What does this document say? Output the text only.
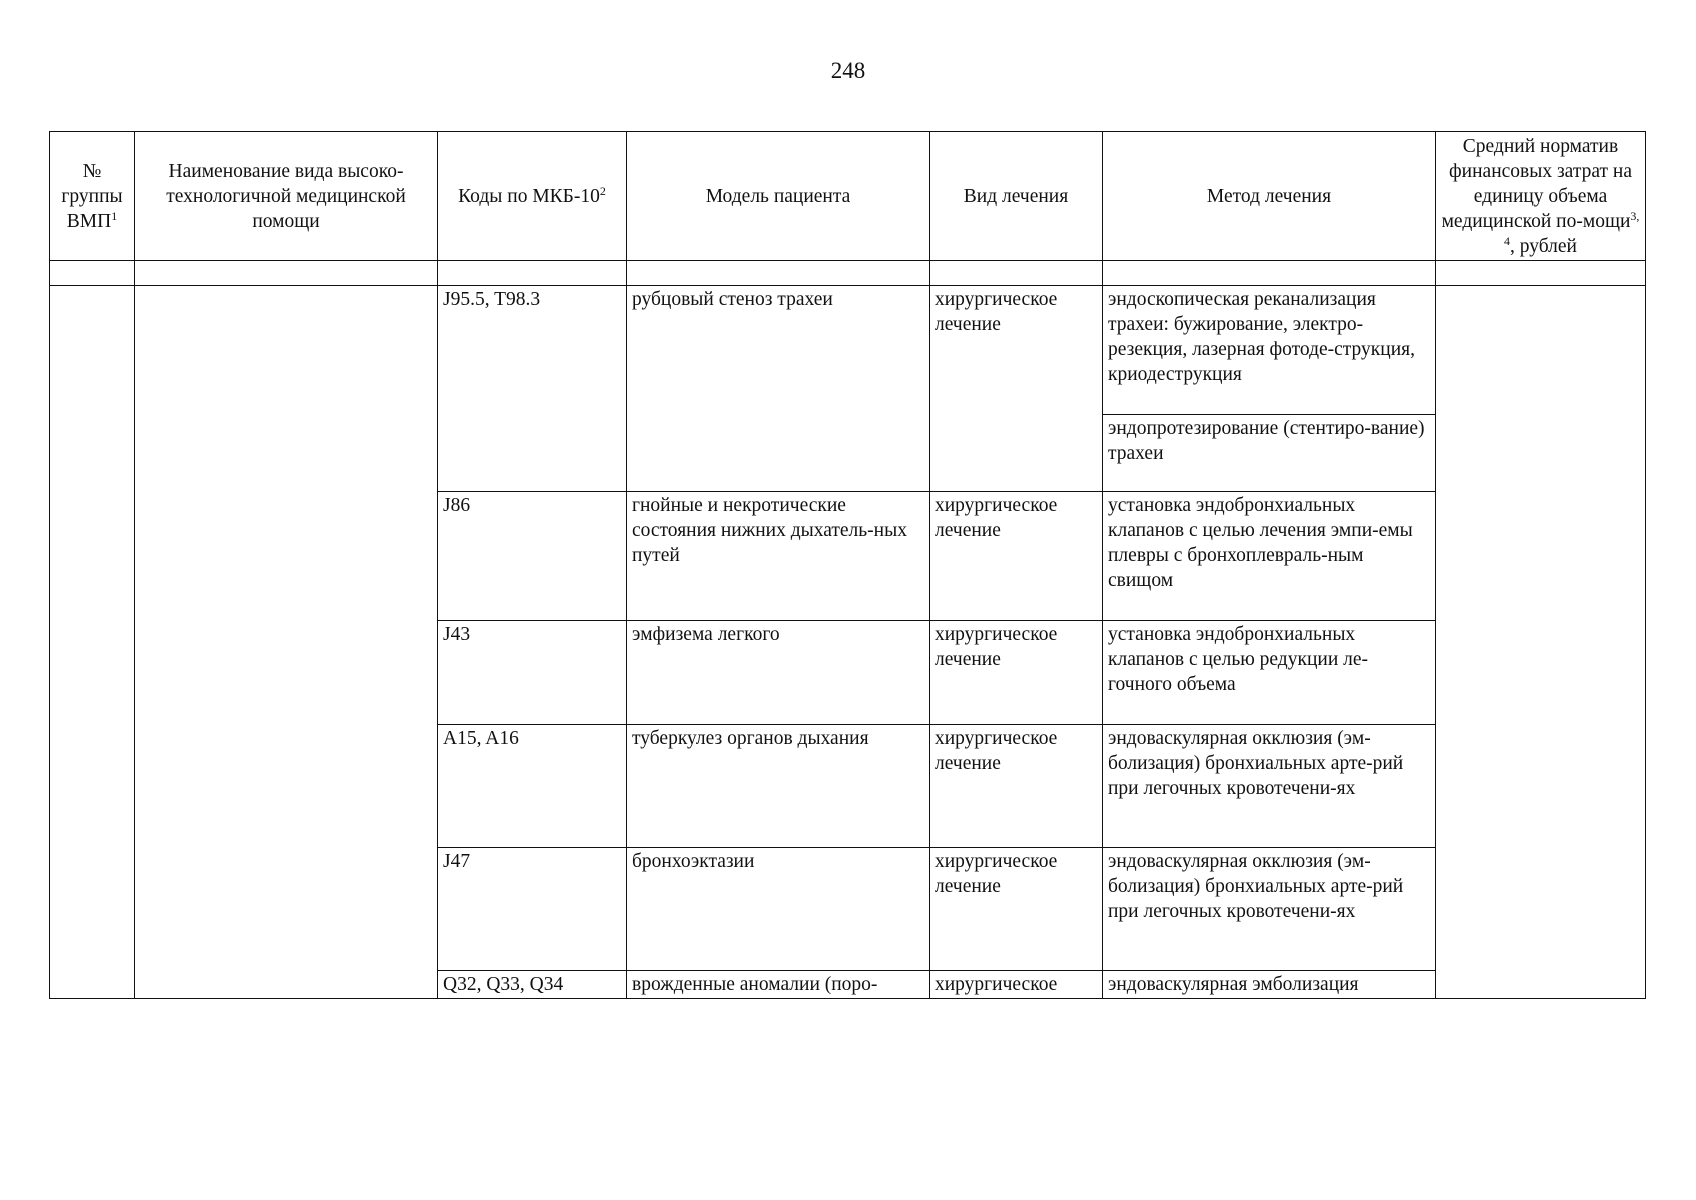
248
№ группы ВМП$^1$	Наименование вида высоко-технологичной медицинской помощи	Коды по МКБ-$10^2$	Модель пациента	Вид лечения	Метод лечения	Средний норматив финансовых затрат на единицу объема медицинской по-мощи$^{3, 4}$, рублей

		J95.5, T98.3	рубцовый стеноз трахеи	хирургическое лечение	эндоскопическая реканализация трахеи: бужирование, электро-резекция, лазерная фотоде-струкция, криодеструкция	
					эндопротезирование (стентиро-вание) трахеи	
		J86	гнойные и некротические состояния нижних дыхатель-ных путей	хирургическое лечение	установка эндобронхиальных клапанов с целью лечения эмпи-емы плевры с бронхоплевраль-ным свищом	
		J43	эмфизема легкого	хирургическое лечение	установка эндобронхиальных клапанов с целью редукции ле-гочного объема	
		A15, A16	туберкулез органов дыхания	хирургическое лечение	эндоваскулярная окклюзия (эм-болизация) бронхиальных арте-рий при легочных кровотечени-ях	
		J47	бронхоэктазии	хирургическое лечение	эндоваскулярная окклюзия (эм-болизация) бронхиальных арте-рий при легочных кровотечени-ях	
		Q32, Q33, Q34	врожденные аномалии (поро-	хирургическое	эндоваскулярная эмболизация	
